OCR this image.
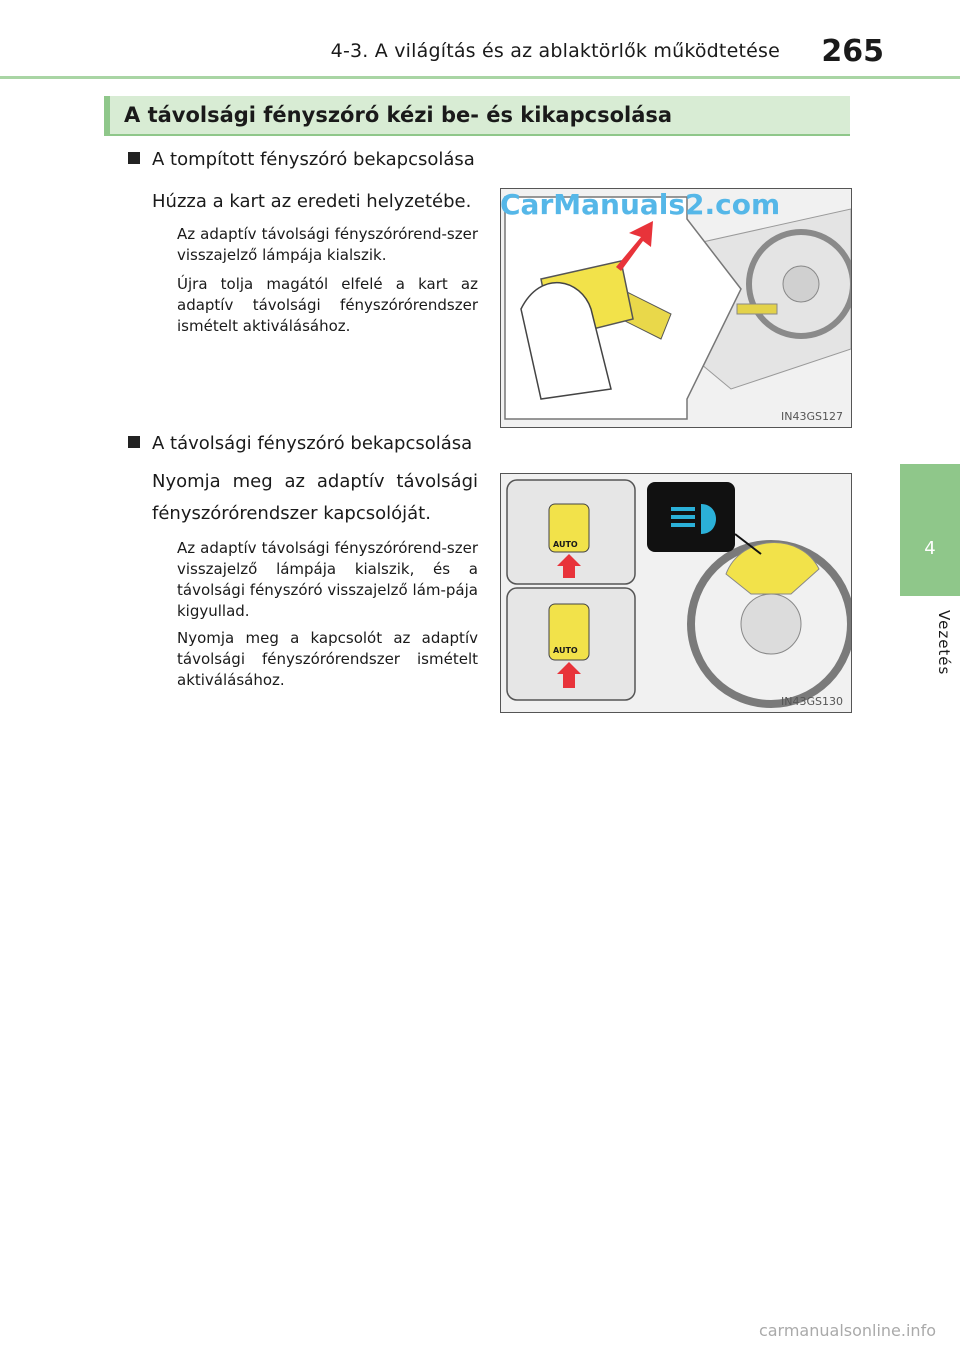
4-3. A világítás és az ablaktörlők működtetése 265
4
Vezetés
A távolsági fényszóró kézi be- és kikapcsolása
A tompított fényszóró bekapcsolása
Húzza a kart az eredeti helyzetébe.
Az adaptív távolsági fényszórórend-szer visszajelző lámpája kialszik.
Újra tolja magától elfelé a kart az adaptív távolsági fényszórórendszer ismételt aktiválásához.
IN43GS127
CarManuals2.com
A távolsági fényszóró bekapcsolása
Nyomja meg az adaptív távolsági fényszórórendszer kapcsolóját.
Az adaptív távolsági fényszórórend-szer visszajelző lámpája kialszik, és a távolsági fényszóró visszajelző lám-pája kigyullad.
Nyomja meg a kapcsolót az adaptív távolsági fényszórórendszer ismételt aktiválásához.
AUTO
AUTO
IN43GS130
carmanualsonline.info
